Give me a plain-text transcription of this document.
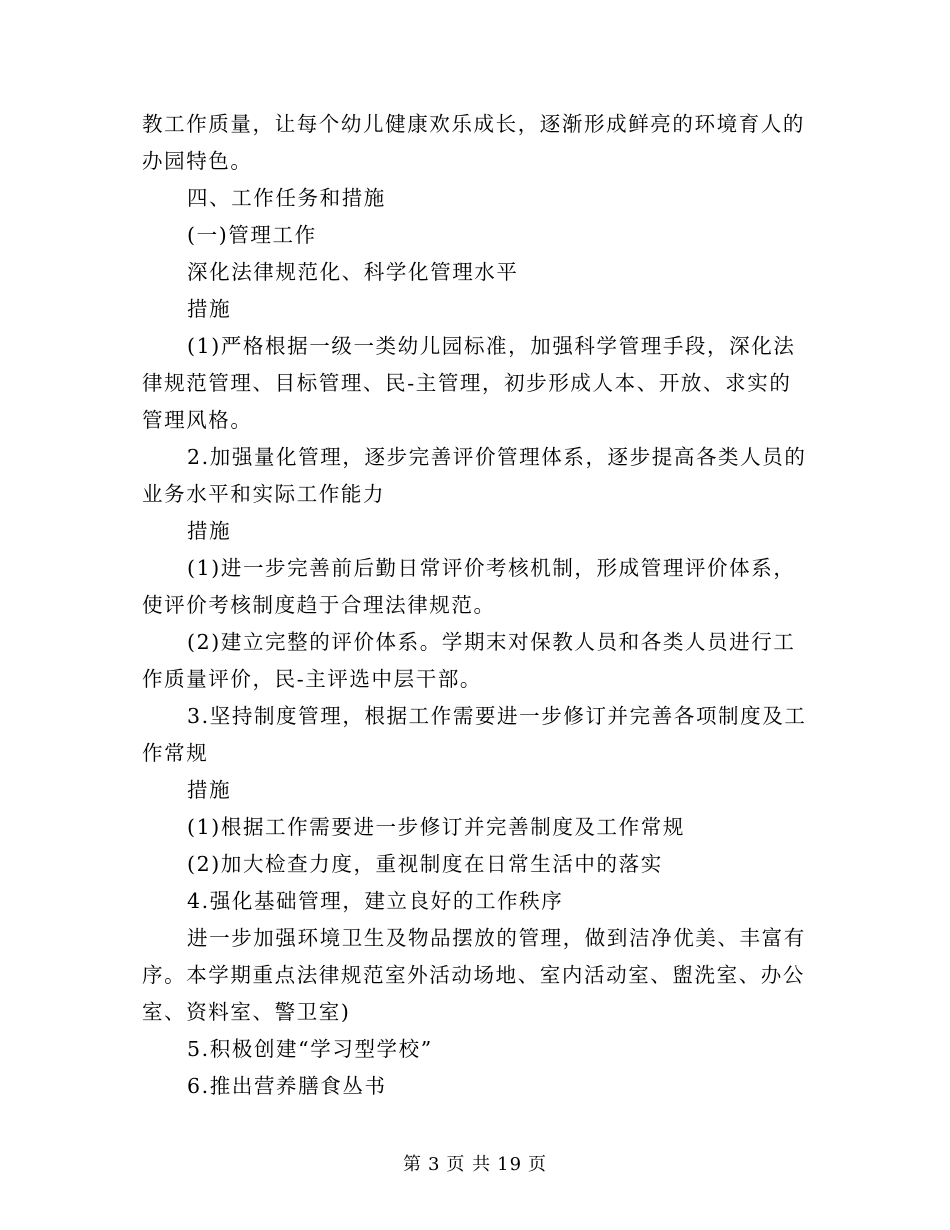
教工作质量，让每个幼儿健康欢乐成长，逐渐形成鲜亮的环境育人的办园特色。

四、工作任务和措施

(一)管理工作

深化法律规范化、科学化管理水平

措施

(1)严格根据一级一类幼儿园标准，加强科学管理手段，深化法律规范管理、目标管理、民-主管理，初步形成人本、开放、求实的管理风格。

2.加强量化管理，逐步完善评价管理体系，逐步提高各类人员的业务水平和实际工作能力

措施

(1)进一步完善前后勤日常评价考核机制，形成管理评价体系，使评价考核制度趋于合理法律规范。

(2)建立完整的评价体系。学期末对保教人员和各类人员进行工作质量评价，民-主评选中层干部。

3.坚持制度管理，根据工作需要进一步修订并完善各项制度及工作常规

措施

(1)根据工作需要进一步修订并完善制度及工作常规

(2)加大检查力度，重视制度在日常生活中的落实

4.强化基础管理，建立良好的工作秩序

进一步加强环境卫生及物品摆放的管理，做到洁净优美、丰富有序。本学期重点法律规范室外活动场地、室内活动室、盥洗室、办公室、资料室、警卫室)

5.积极创建“学习型学校”

6.推出营养膳食丛书

第 3 页 共 19 页
